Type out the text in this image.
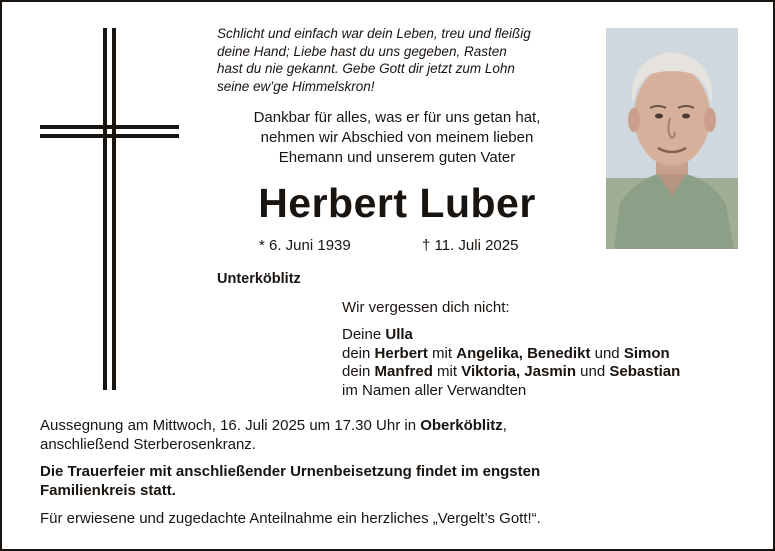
Schlicht und einfach war dein Leben, treu und fleißig
deine Hand; Liebe hast du uns gegeben, Rasten
hast du nie gekannt. Gebe Gott dir jetzt zum Lohn
seine ew’ge Himmelskron!
Dankbar für alles, was er für uns getan hat,
nehmen wir Abschied von meinem lieben
Ehemann und unserem guten Vater
Herbert Luber
* 6. Juni 1939	† 11. Juli 2025
Unterköblitz
Wir vergessen dich nicht:
Deine Ulla
dein Herbert mit Angelika, Benedikt und Simon
dein Manfred mit Viktoria, Jasmin und Sebastian
im Namen aller Verwandten
Aussegnung am Mittwoch, 16. Juli 2025 um 17.30 Uhr in Oberköblitz,
anschließend Sterberosenkranz.
Die Trauerfeier mit anschließender Urnenbeisetzung findet im engsten
Familienkreis statt.
Für erwiesene und zugedachte Anteilnahme ein herzliches „Vergelt’s Gott!“.
